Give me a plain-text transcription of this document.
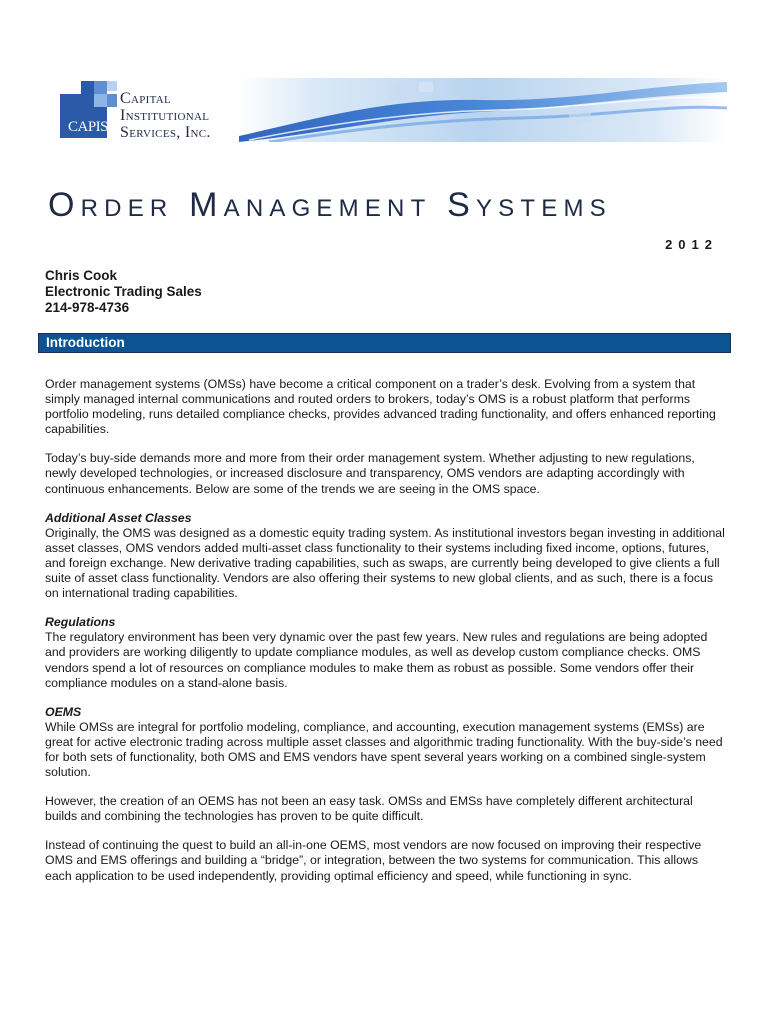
CAPIS
Capital
Institutional
Services, Inc.
Order Management Systems
2012
Chris Cook
Electronic Trading Sales
214-978-4736
Introduction

Order management systems (OMSs) have become a critical component on a trader’s desk. Evolving from a system that simply managed internal communications and routed orders to brokers, today’s OMS is a robust platform that performs portfolio modeling, runs detailed compliance checks, provides advanced trading functionality, and offers enhanced reporting capabilities.

Today’s buy-side demands more and more from their order management system. Whether adjusting to new regulations, newly developed technologies, or increased disclosure and transparency, OMS vendors are adapting accordingly with continuous enhancements. Below are some of the trends we are seeing in the OMS space.

Additional Asset Classes

Originally, the OMS was designed as a domestic equity trading system. As institutional investors began investing in additional asset classes, OMS vendors added multi-asset class functionality to their systems including fixed income, options, futures, and foreign exchange. New derivative trading capabilities, such as swaps, are currently being developed to give clients a full suite of asset class functionality. Vendors are also offering their systems to new global clients, and as such, there is a focus on international trading capabilities.

Regulations

The regulatory environment has been very dynamic over the past few years. New rules and regulations are being adopted and providers are working diligently to update compliance modules, as well as develop custom compliance checks. OMS vendors spend a lot of resources on compliance modules to make them as robust as possible. Some vendors offer their compliance modules on a stand-alone basis.

OEMS

While OMSs are integral for portfolio modeling, compliance, and accounting, execution management systems (EMSs) are great for active electronic trading across multiple asset classes and algorithmic trading functionality. With the buy-side’s need for both sets of functionality, both OMS and EMS vendors have spent several years working on a combined single-system solution.

However, the creation of an OEMS has not been an easy task. OMSs and EMSs have completely different architectural builds and combining the technologies has proven to be quite difficult.

Instead of continuing the quest to build an all-in-one OEMS, most vendors are now focused on improving their respective OMS and EMS offerings and building a “bridge”, or integration, between the two systems for communication. This allows each application to be used independently, providing optimal efficiency and speed, while functioning in sync.
